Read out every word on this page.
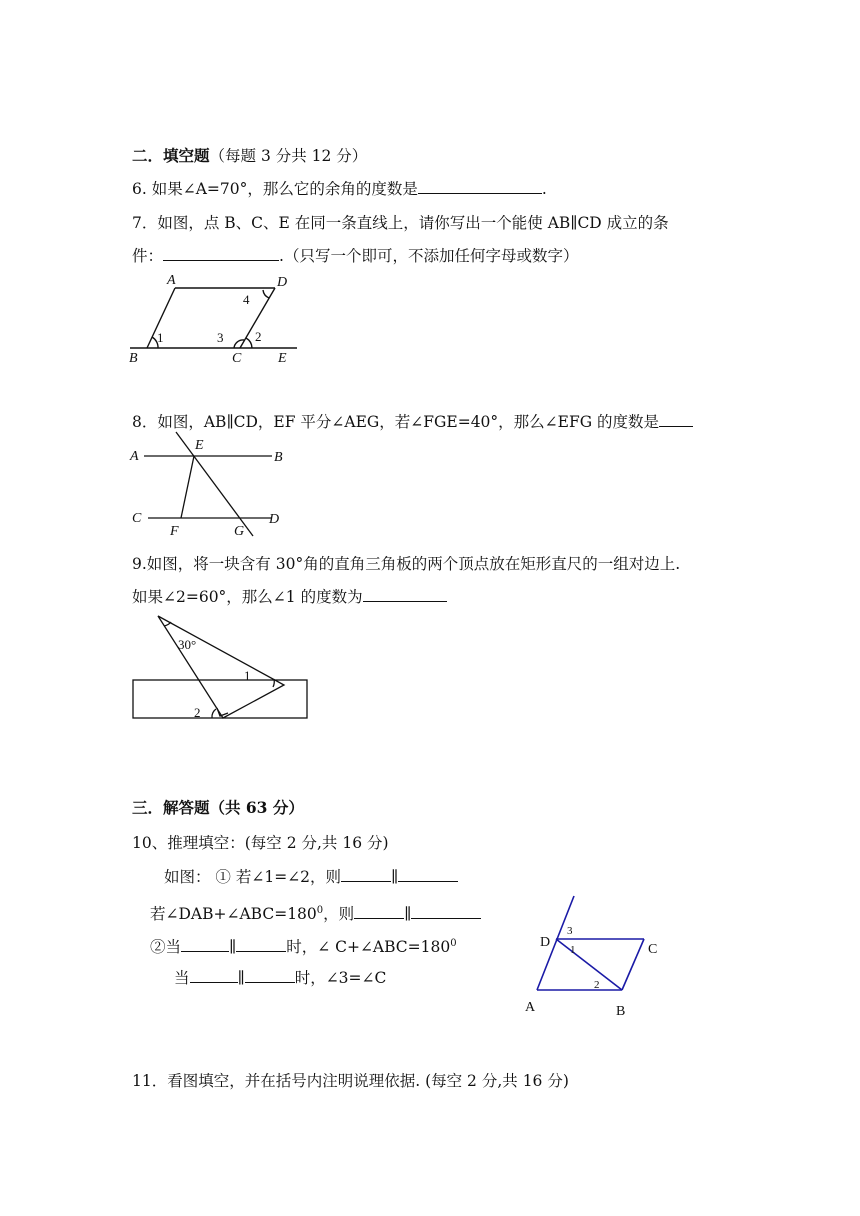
二．填空题（每题 3 分共 12 分）
6. 如果∠A=70°，那么它的余角的度数是	.
7．如图，点 B、C、E 在同一条直线上，请你写出一个能使 AB∥CD 成立的条
件：	.（只写一个即可，不添加任何字母或数字）
A	D
B	C	E
1	3 2
4
8．如图，AB∥CD，EF 平分∠AEG，若∠FGE=40°，那么∠EFG 的度数是
A	B
E
C	D
F	G
9.如图，将一块含有 30°角的直角三角板的两个顶点放在矩形直尺的一组对边上.
如果∠2=60°，那么∠1 的度数为
30°
1
2
三．解答题（共 63 分）
10、推理填空：(每空 2 分,共 16 分)
如图： ① 若∠1=∠2，则	∥
若$\angle DAB+\angle ABC=180^0$，则	∥
②当	∥	时，∠ $C+\angle ABC=180^0$
当	∥	时，∠3=∠C
D	C
A	B
3
1
2
11．看图填空，并在括号内注明说理依据. (每空 2 分,共 16 分)
